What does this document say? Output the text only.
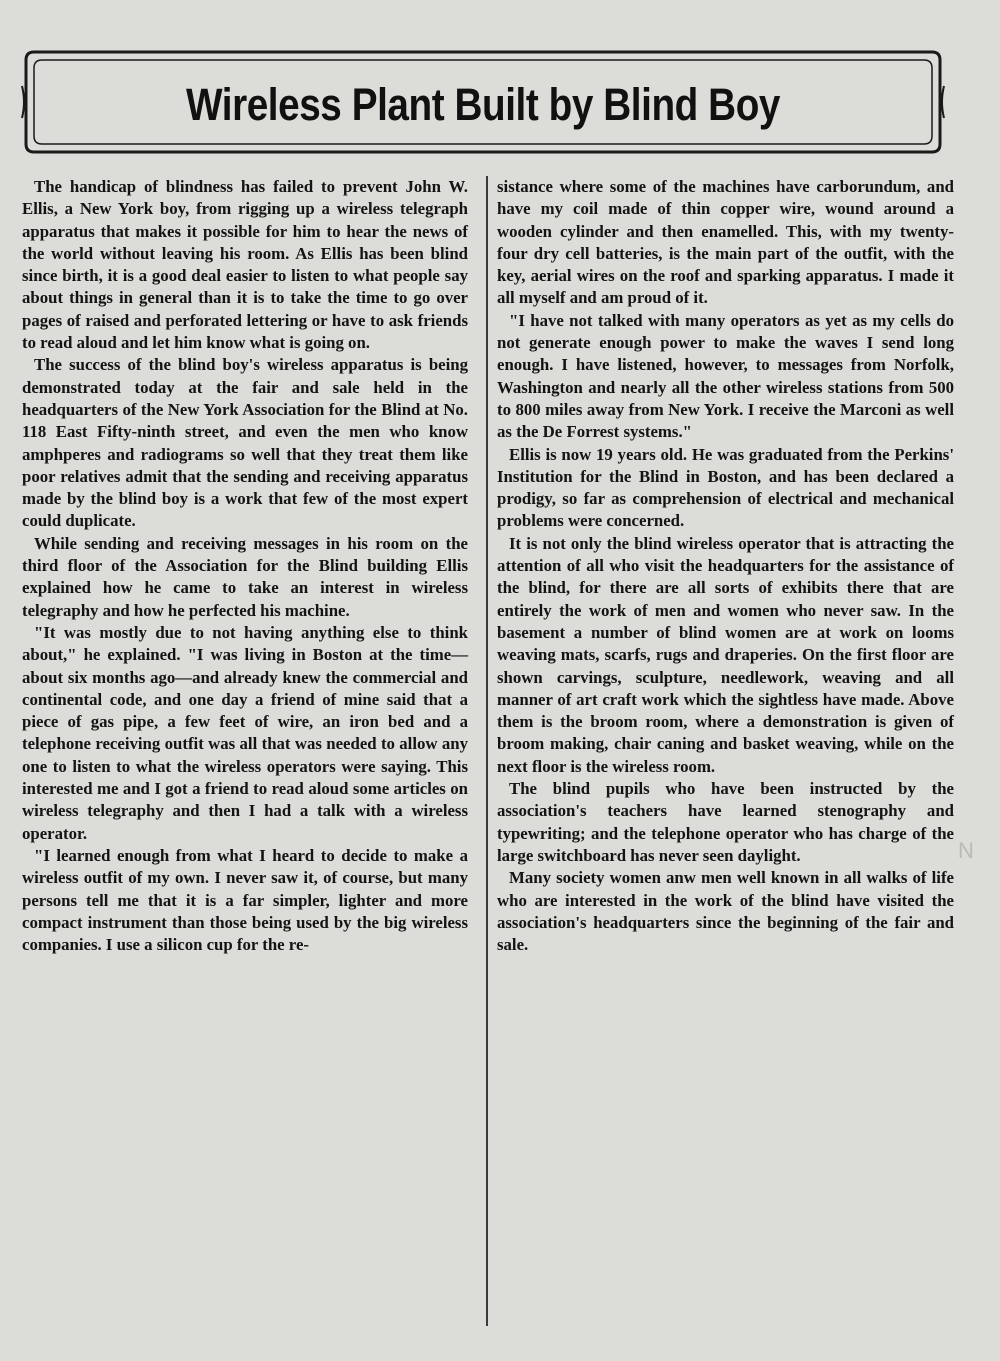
Wireless Plant Built by Blind Boy

The handicap of blindness has failed to prevent John W. Ellis, a New York boy, from rigging up a wireless telegraph apparatus that makes it possible for him to hear the news of the world without leaving his room. As Ellis has been blind since birth, it is a good deal easier to listen to what people say about things in general than it is to take the time to go over pages of raised and perforated lettering or have to ask friends to read aloud and let him know what is going on.

The success of the blind boy's wireless apparatus is being demonstrated today at the fair and sale held in the headquarters of the New York Association for the Blind at No. 118 East Fifty-ninth street, and even the men who know amphperes and radiograms so well that they treat them like poor relatives admit that the sending and receiving apparatus made by the blind boy is a work that few of the most expert could duplicate.

While sending and receiving messages in his room on the third floor of the Association for the Blind building Ellis explained how he came to take an interest in wireless telegraphy and how he perfected his machine.

"It was mostly due to not having anything else to think about," he explained. "I was living in Boston at the time—about six months ago—and already knew the commercial and continental code, and one day a friend of mine said that a piece of gas pipe, a few feet of wire, an iron bed and a telephone receiving outfit was all that was needed to allow any one to listen to what the wireless operators were saying. This interested me and I got a friend to read aloud some articles on wireless telegraphy and then I had a talk with a wireless operator.

"I learned enough from what I heard to decide to make a wireless outfit of my own. I never saw it, of course, but many persons tell me that it is a far simpler, lighter and more compact instrument than those being used by the big wireless companies. I use a silicon cup for the re-

sistance where some of the machines have carborundum, and have my coil made of thin copper wire, wound around a wooden cylinder and then enamelled. This, with my twenty-four dry cell batteries, is the main part of the outfit, with the key, aerial wires on the roof and sparking apparatus. I made it all myself and am proud of it.

"I have not talked with many operators as yet as my cells do not generate enough power to make the waves I send long enough. I have listened, however, to messages from Norfolk, Washington and nearly all the other wireless stations from 500 to 800 miles away from New York. I receive the Marconi as well as the De Forrest systems."

Ellis is now 19 years old. He was graduated from the Perkins' Institution for the Blind in Boston, and has been declared a prodigy, so far as comprehension of electrical and mechanical problems were concerned.

It is not only the blind wireless operator that is attracting the attention of all who visit the headquarters for the assistance of the blind, for there are all sorts of exhibits there that are entirely the work of men and women who never saw. In the basement a number of blind women are at work on looms weaving mats, scarfs, rugs and draperies. On the first floor are shown carvings, sculpture, needlework, weaving and all manner of art craft work which the sightless have made. Above them is the broom room, where a demonstration is given of broom making, chair caning and basket weaving, while on the next floor is the wireless room.

The blind pupils who have been instructed by the association's teachers have learned stenography and typewriting; and the telephone operator who has charge of the large switchboard has never seen daylight.

Many society women anw men well known in all walks of life who are interested in the work of the blind have visited the association's headquarters since the beginning of the fair and sale.

N
